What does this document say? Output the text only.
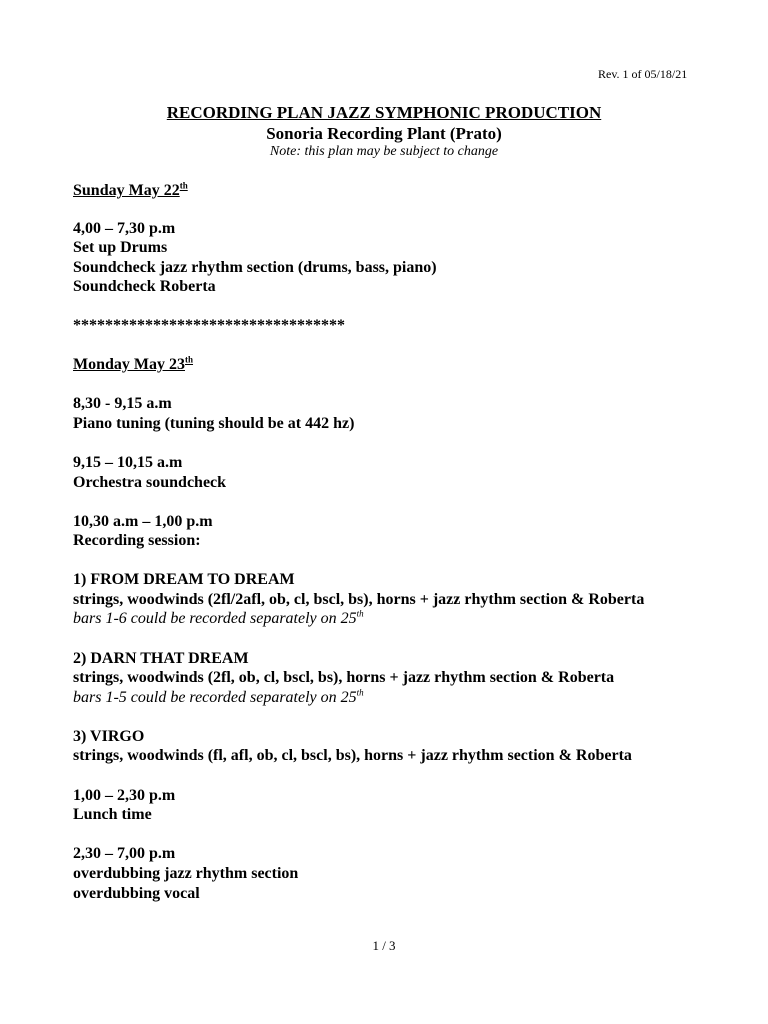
Rev. 1 of 05/18/21
RECORDING PLAN JAZZ SYMPHONIC PRODUCTION
Sonoria Recording Plant (Prato)
Note: this plan may be subject to change
Sunday May 22th
4,00 – 7,30 p.m
Set up Drums
Soundcheck jazz rhythm section (drums, bass, piano)
Soundcheck Roberta
**********************************
Monday May 23th
8,30 - 9,15 a.m
Piano tuning (tuning should be at 442 hz)
9,15 – 10,15 a.m
Orchestra soundcheck
10,30 a.m – 1,00 p.m
Recording session:
1) FROM DREAM TO DREAM
strings, woodwinds (2fl/2afl, ob, cl, bscl, bs), horns + jazz rhythm section & Roberta
bars 1-6 could be recorded separately on 25th
2) DARN THAT DREAM
strings, woodwinds (2fl, ob, cl, bscl, bs), horns + jazz rhythm section & Roberta
bars 1-5 could be recorded separately on 25th
3) VIRGO
strings, woodwinds (fl, afl, ob, cl, bscl, bs), horns + jazz rhythm section & Roberta
1,00 – 2,30 p.m
Lunch time
2,30 – 7,00 p.m
overdubbing jazz rhythm section
overdubbing vocal
1 / 3
